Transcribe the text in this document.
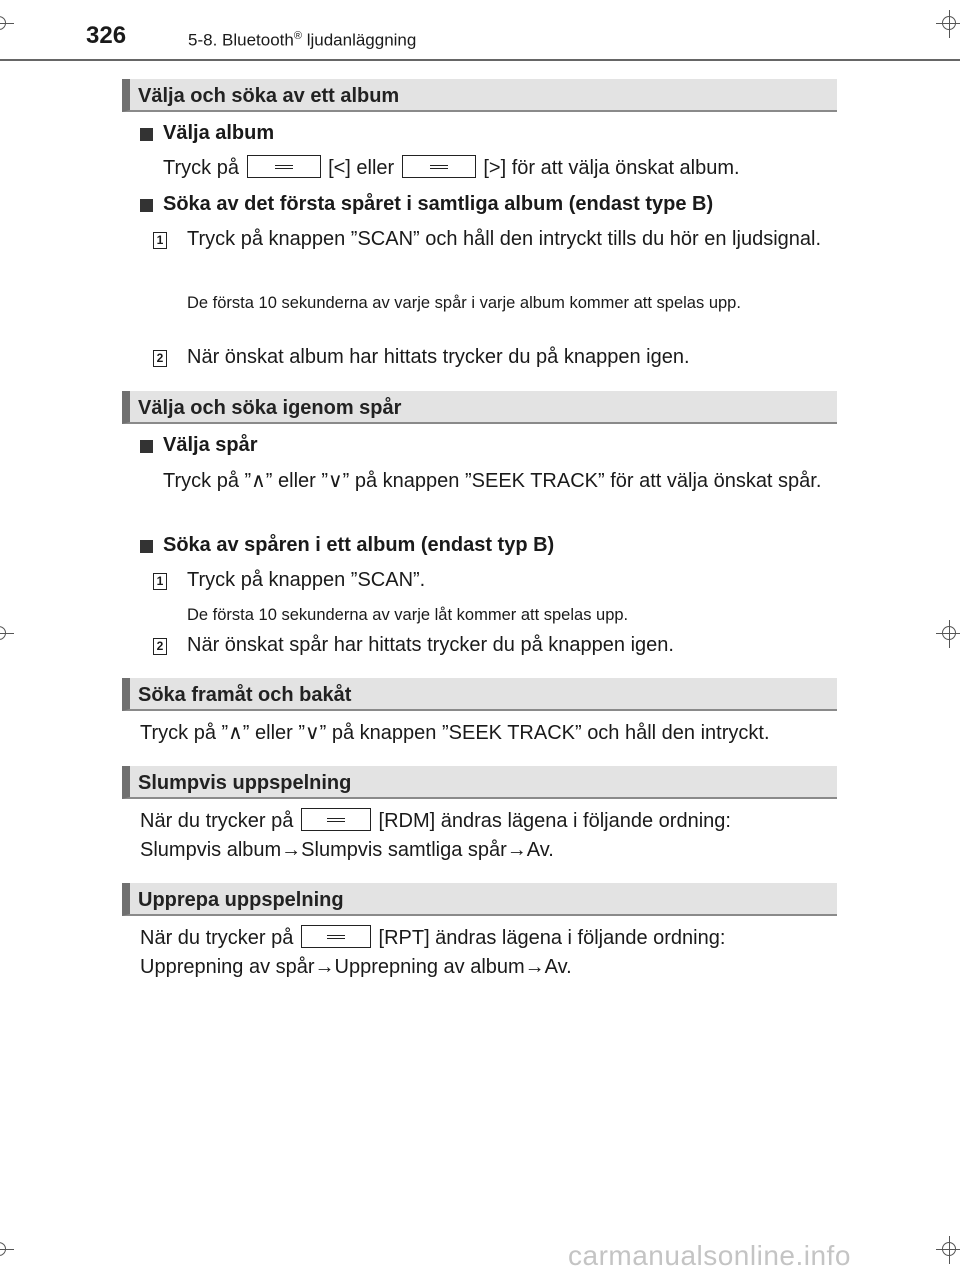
326	5-8. Bluetooth® ljudanläggning
Välja och söka av ett album
Välja album
Tryck på	[<] eller	[>] för att välja önskat album.
Söka av det första spåret i samtliga album (endast type B)
1 Tryck på knappen ”SCAN” och håll den intryckt tills du hör en ljudsignal.
De första 10 sekunderna av varje spår i varje album kommer att spelas upp.
2 När önskat album har hittats trycker du på knappen igen.
Välja och söka igenom spår
Välja spår
Tryck på ”∧” eller ”∨” på knappen ”SEEK TRACK” för att välja önskat spår.
Söka av spåren i ett album (endast typ B)
1 Tryck på knappen ”SCAN”.
De första 10 sekunderna av varje låt kommer att spelas upp.
2 När önskat spår har hittats trycker du på knappen igen.
Söka framåt och bakåt
Tryck på ”∧” eller ”∨” på knappen ”SEEK TRACK” och håll den intryckt.
Slumpvis uppspelning
När du trycker på	[RDM] ändras lägena i följande ordning:
Slumpvis album→Slumpvis samtliga spår→Av.
Upprepa uppspelning
När du trycker på	[RPT] ändras lägena i följande ordning:
Upprepning av spår→Upprepning av album→Av.
carmanualsonline.info
